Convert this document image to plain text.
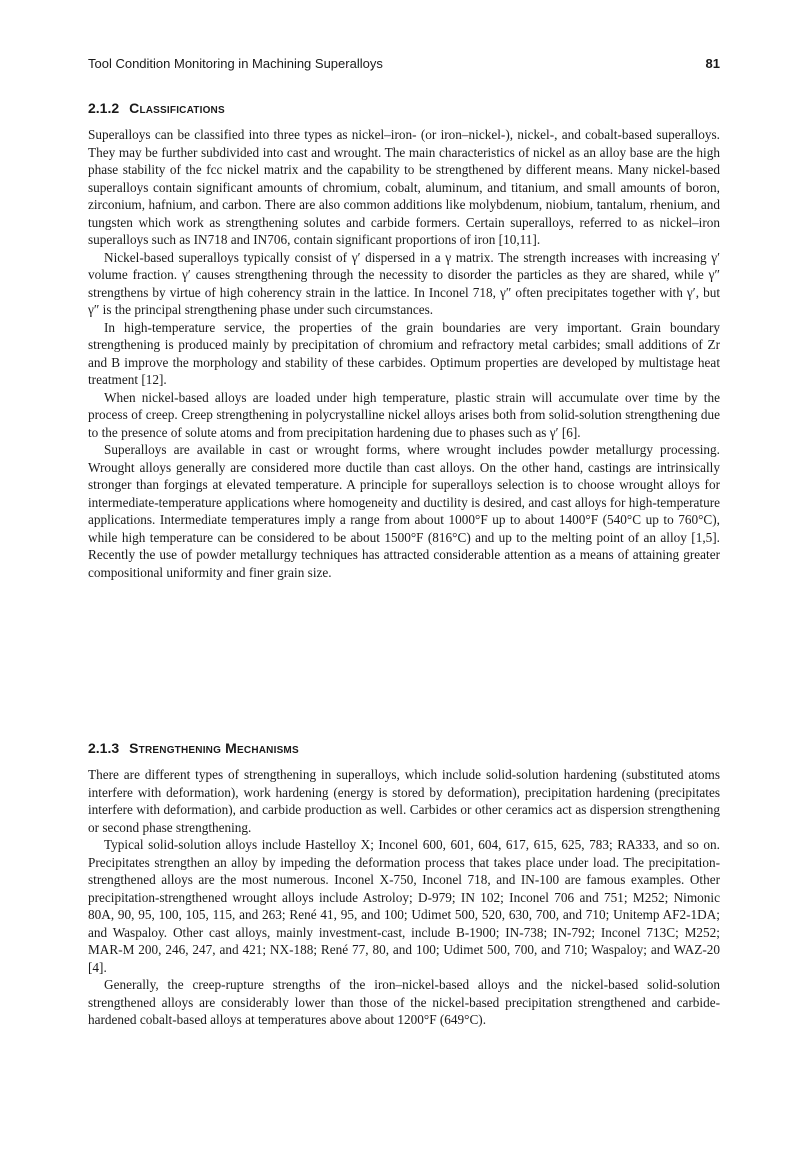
Tool Condition Monitoring in Machining Superalloys	81
2.1.2 Classifications

Superalloys can be classified into three types as nickel–iron- (or iron–nickel-), nickel-, and cobalt-based superalloys. They may be further subdivided into cast and wrought. The main characteristics of nickel as an alloy base are the high phase stability of the fcc nickel matrix and the capability to be strengthened by different means. Many nickel-based superalloys contain significant amounts of chromium, cobalt, aluminum, and titanium, and small amounts of boron, zirconium, hafnium, and carbon. There are also common additions like molybdenum, niobium, tantalum, rhenium, and tungsten which work as strengthening solutes and carbide formers. Certain superalloys, referred to as nickel–iron superalloys such as IN718 and IN706, contain significant proportions of iron [10,11].

Nickel-based superalloys typically consist of γ′ dispersed in a γ matrix. The strength increases with increasing γ′ volume fraction. γ′ causes strengthening through the necessity to disorder the particles as they are shared, while γ″ strengthens by virtue of high coherency strain in the lattice. In Inconel 718, γ″ often precipitates together with γ′, but γ″ is the principal strengthening phase under such circumstances.

In high-temperature service, the properties of the grain boundaries are very important. Grain boundary strengthening is produced mainly by precipitation of chromium and refractory metal carbides; small additions of Zr and B improve the morphology and stability of these carbides. Optimum properties are developed by multistage heat treatment [12].

When nickel-based alloys are loaded under high temperature, plastic strain will accumulate over time by the process of creep. Creep strengthening in polycrystalline nickel alloys arises both from solid-solution strengthening due to the presence of solute atoms and from precipitation hardening due to phases such as γ′ [6].

Superalloys are available in cast or wrought forms, where wrought includes powder metallurgy processing. Wrought alloys generally are considered more ductile than cast alloys. On the other hand, castings are intrinsically stronger than forgings at elevated temperature. A principle for superalloys selection is to choose wrought alloys for intermediate-temperature applications where homogeneity and ductility is desired, and cast alloys for high-temperature applications. Intermediate temperatures imply a range from about 1000°F up to about 1400°F (540°C up to 760°C), while high temperature can be considered to be about 1500°F (816°C) and up to the melting point of an alloy [1,5]. Recently the use of powder metallurgy techniques has attracted considerable attention as a means of attaining greater compositional uniformity and finer grain size.

2.1.3 Strengthening Mechanisms

There are different types of strengthening in superalloys, which include solid-solution hardening (substituted atoms interfere with deformation), work hardening (energy is stored by deformation), precipitation hardening (precipitates interfere with deformation), and carbide production as well. Carbides or other ceramics act as dispersion strengthening or second phase strengthening.

Typical solid-solution alloys include Hastelloy X; Inconel 600, 601, 604, 617, 615, 625, 783; RA333, and so on. Precipitates strengthen an alloy by impeding the deformation process that takes place under load. The precipitation-strengthened alloys are the most numerous. Inconel X-750, Inconel 718, and IN-100 are famous examples. Other precipitation-strengthened wrought alloys include Astroloy; D-979; IN 102; Inconel 706 and 751; M252; Nimonic 80A, 90, 95, 100, 105, 115, and 263; René 41, 95, and 100; Udimet 500, 520, 630, 700, and 710; Unitemp AF2-1DA; and Waspaloy. Other cast alloys, mainly investment-cast, include B-1900; IN-738; IN-792; Inconel 713C; M252; MAR-M 200, 246, 247, and 421; NX-188; René 77, 80, and 100; Udimet 500, 700, and 710; Waspaloy; and WAZ-20 [4].

Generally, the creep-rupture strengths of the iron–nickel-based alloys and the nickel-based solid-solution strengthened alloys are considerably lower than those of the nickel-based precipitation strengthened and carbide-hardened cobalt-based alloys at temperatures above about 1200°F (649°C).
